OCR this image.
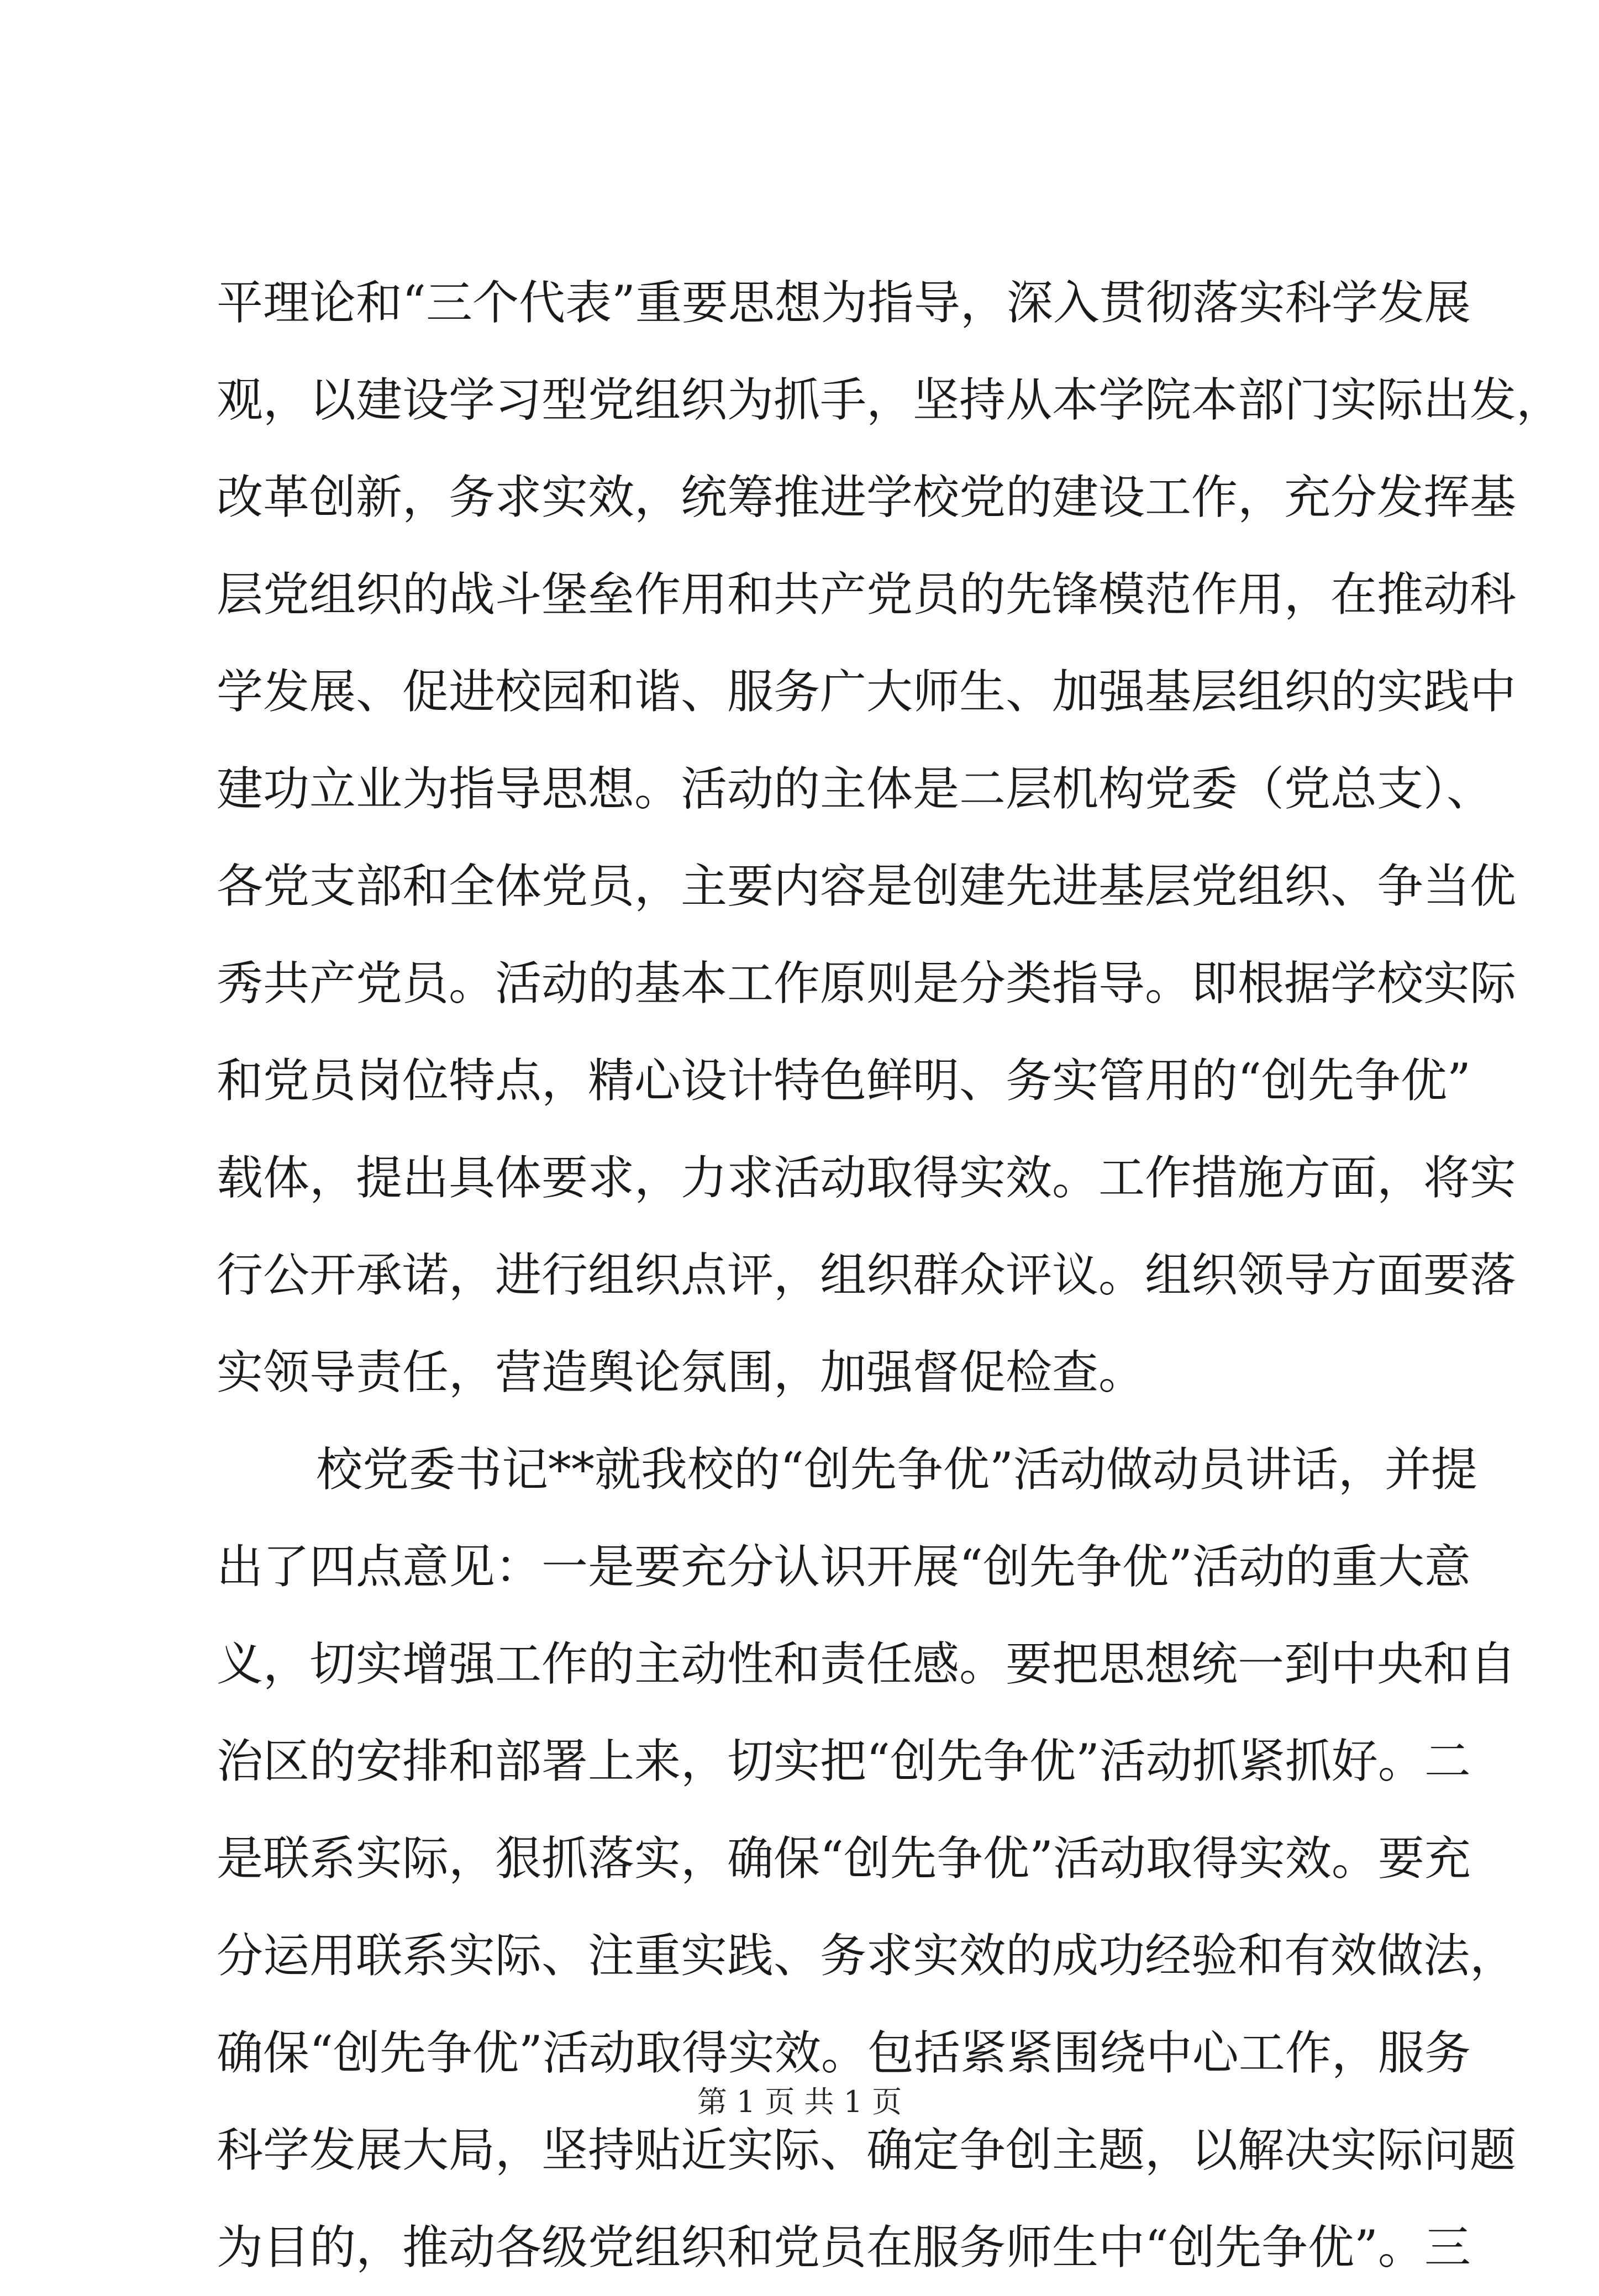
平理论和“三个代表”重要思想为指导，深入贯彻落实科学发展
观，以建设学习型党组织为抓手，坚持从本学院本部门实际出发，
改革创新，务求实效，统筹推进学校党的建设工作，充分发挥基
层党组织的战斗堡垒作用和共产党员的先锋模范作用，在推动科
学发展、促进校园和谐、服务广大师生、加强基层组织的实践中
建功立业为指导思想。活动的主体是二层机构党委（党总支）、
各党支部和全体党员，主要内容是创建先进基层党组织、争当优
秀共产党员。活动的基本工作原则是分类指导。即根据学校实际
和党员岗位特点，精心设计特色鲜明、务实管用的“创先争优”
载体，提出具体要求，力求活动取得实效。工作措施方面，将实
行公开承诺，进行组织点评，组织群众评议。组织领导方面要落
实领导责任，营造舆论氛围，加强督促检查。
校党委书记**就我校的“创先争优”活动做动员讲话，并提
出了四点意见：一是要充分认识开展“创先争优”活动的重大意
义，切实增强工作的主动性和责任感。要把思想统一到中央和自
治区的安排和部署上来，切实把“创先争优”活动抓紧抓好。二
是联系实际，狠抓落实，确保“创先争优”活动取得实效。要充
分运用联系实际、注重实践、务求实效的成功经验和有效做法，
确保“创先争优”活动取得实效。包括紧紧围绕中心工作，服务
科学发展大局，坚持贴近实际、确定争创主题，以解决实际问题
为目的，推动各级党组织和党员在服务师生中“创先争优”。三
第 1 页 共 1 页
